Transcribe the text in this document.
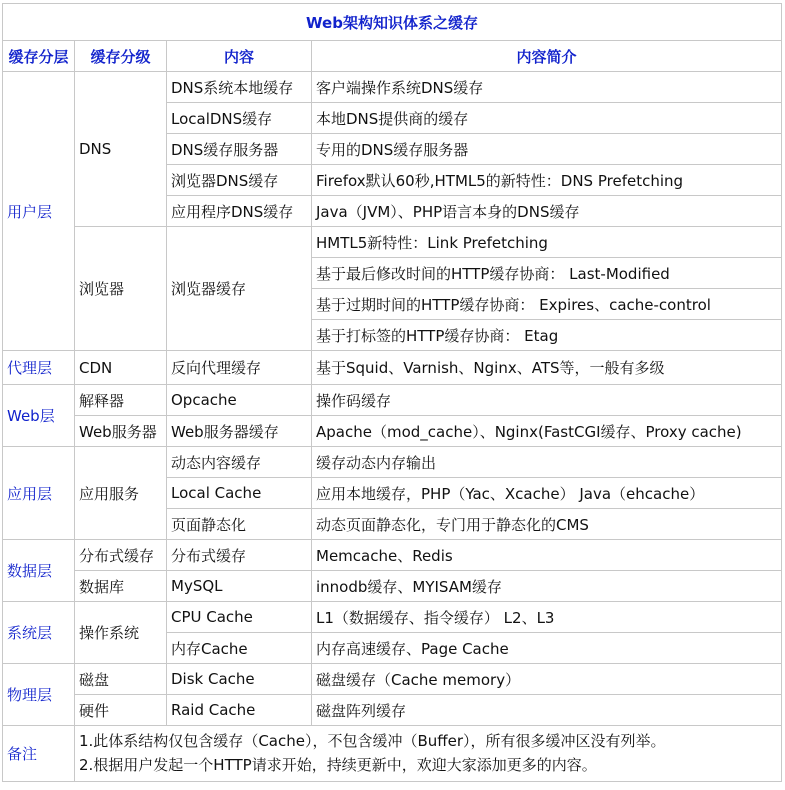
Web架构知识体系之缓存			
缓存分层	缓存分级	内容	内容简介
用户层	DNS	DNS系统本地缓存	客户端操作系统DNS缓存
		LocalDNS缓存	本地DNS提供商的缓存
		DNS缓存服务器	专用的DNS缓存服务器
		浏览器DNS缓存	Firefox默认60秒,HTML5的新特性：DNS Prefetching
		应用程序DNS缓存	Java（JVM）、PHP语言本身的DNS缓存
	浏览器	浏览器缓存	HMTL5新特性：Link Prefetching
			基于最后修改时间的HTTP缓存协商： Last-Modified
			基于过期时间的HTTP缓存协商： Expires、cache-control
			基于打标签的HTTP缓存协商： Etag
代理层	CDN	反向代理缓存	基于Squid、Varnish、Nginx、ATS等，一般有多级
Web层	解释器	Opcache	操作码缓存
	Web服务器	Web服务器缓存	Apache（mod_cache）、Nginx(FastCGI缓存、Proxy cache)
应用层	应用服务	动态内容缓存	缓存动态内存输出
		Local Cache	应用本地缓存，PHP（Yac、Xcache） Java（ehcache）
		页面静态化	动态页面静态化，专门用于静态化的CMS
数据层	分布式缓存	分布式缓存	Memcache、Redis
	数据库	MySQL	innodb缓存、MYISAM缓存
系统层	操作系统	CPU Cache	L1（数据缓存、指令缓存） L2、L3
		内存Cache	内存高速缓存、Page Cache
物理层	磁盘	Disk Cache	磁盘缓存（Cache memory）
	硬件	Raid Cache	磁盘阵列缓存
备注	1.此体系结构仅包含缓存（Cache），不包含缓冲（Buffer），所有很多缓冲区没有列举。
2.根据用户发起一个HTTP请求开始，持续更新中，欢迎大家添加更多的内容。		
